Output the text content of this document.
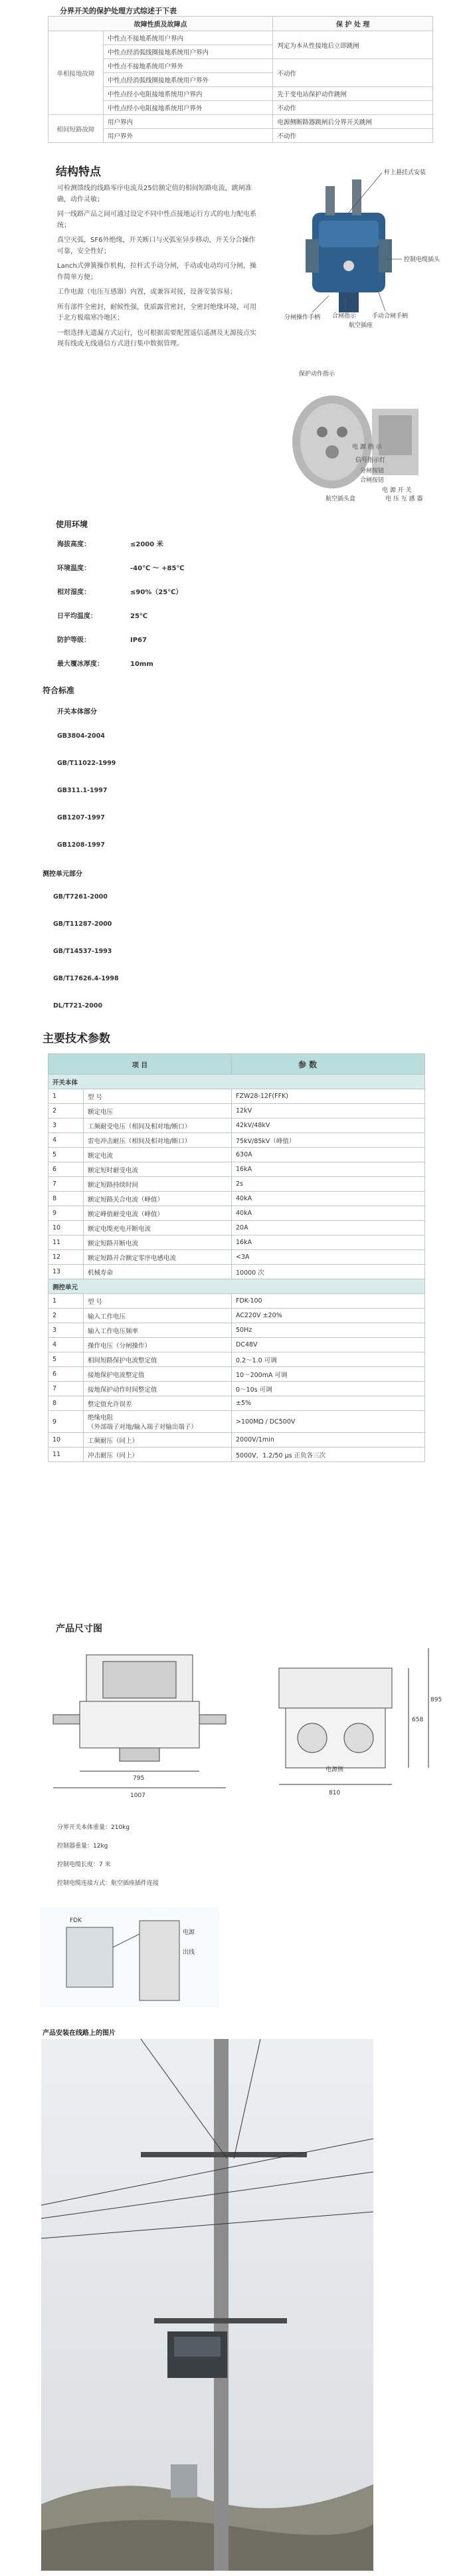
分界开关的保护处理方式综述于下表
故障性质及故障点		保 护 处 理
单相接地故障	中性点不接地系统用户界内	判定为本从性接地后立即跳闸
	中性点经消弧线圈接地系统用户界内	
	中性点不接地系统用户界外	不动作
	中性点经消弧线圈接地系统用户界外	
	中性点经小电阻接地系统用户界内	先于变电站保护动作跳闸
	中性点经小电阻接地系统用户界外	不动作
相间短路故障	用户界内	电源侧断路器跳闸后分界开关跳闸
	用户界外	不动作
结构特点

可检测馈线的线路零序电流及25倍额定值的相间短路电流，跳闸准确，动作灵敏；

同一线路产品之间可通过设定不同中性点接地运行方式的电力配电系统；

真空灭弧，SF6外绝缘，开关断口与灭弧室异步移动，开关分合操作可靠，安全性好；

Lanch式弹簧操作机构，拉杆式手动分闸，手动或电动均可分闸，操作简单方便；

工作电源（电压互感器）内置，或兼容对接，设备安装容易；

所有部件全密封，耐候性强，优质露营密封，全密封绝缘环境，可用于北方极端寒冷地区；

一组选择无遗漏方式运行，也可根据需要配置遥信遥测及无源接点实现有线或无线通信方式进行集中数据管理。

杆上悬挂式安装
控制电缆插头
分闸操作手柄 合闸指示	手动合闸手柄
航空插座
保护动作指示
电 源 指 示
信号指示灯
分闸按钮
合闸按钮
电 源 开 关
电 压 互 感 器
航空插头盒
使用环境
海拔高度：	≤2000 米
环境温度：	-40℃ ～ +85℃
相对湿度：	≤90%（25℃）
日平均温度：	25℃
防护等级：	IP67
最大覆冰厚度：	10mm
符合标准
开关本体部分
GB3804-2004
GB/T11022-1999
GB311.1-1997
GB1207-1997
GB1208-1997
测控单元部分
GB/T7261-2000
GB/T11287-2000
GB/T14537-1993
GB/T17626.4-1998
DL/T721-2000
主要技术参数
项 目		参 数
开关本体		
1	型 号	FZW28-12F(FFK)
2	额定电压	12kV
3	工频耐受电压（相间及相对地/断口）	42kV/48kV
4	雷电冲击耐压（相间及相对地/断口）	75kV/85kV（峰值）
5	额定电流	630A
6	额定短时耐受电流	16kA
7	额定短路持续时间	2s
8	额定短路关合电流（峰值）	40kA
9	额定峰值耐受电流（峰值）	40kA
10	额定电缆充电开断电流	20A
11	额定短路开断电流	16kA
12	额定短路开合额定零序电感电流	<3A
13	机械寿命	10000 次
测控单元		
1	型 号	FDK-100
2	输入工作电压	AC220V ±20%
3	输入工作电压频率	50Hz
4	操作电压（分闸操作）	DC48V
5	相间短路保护电流整定值	0.2～1.0 可调
6	接地保护电流整定值	10～200mA 可调
7	接地保护动作时间整定值	0～10s 可调
8	整定值允许误差	±5%
9	绝缘电阻
（外部端子对地/输入端子对输出端子）	>100MΩ / DC500V
10	工频耐压（同上）	2000V/1min
11	冲击耐压（同上）	5000V，1.2/50 μs 正负各三次
产品尺寸图
795
1007
电源侧
810
658
895
分界开关本体重量：210kg
控制器重量：12kg
控制电缆长度：7 米
控制电缆连接方式：航空插座插件连接
FDK
电源
出线
产品安装在线路上的图片
